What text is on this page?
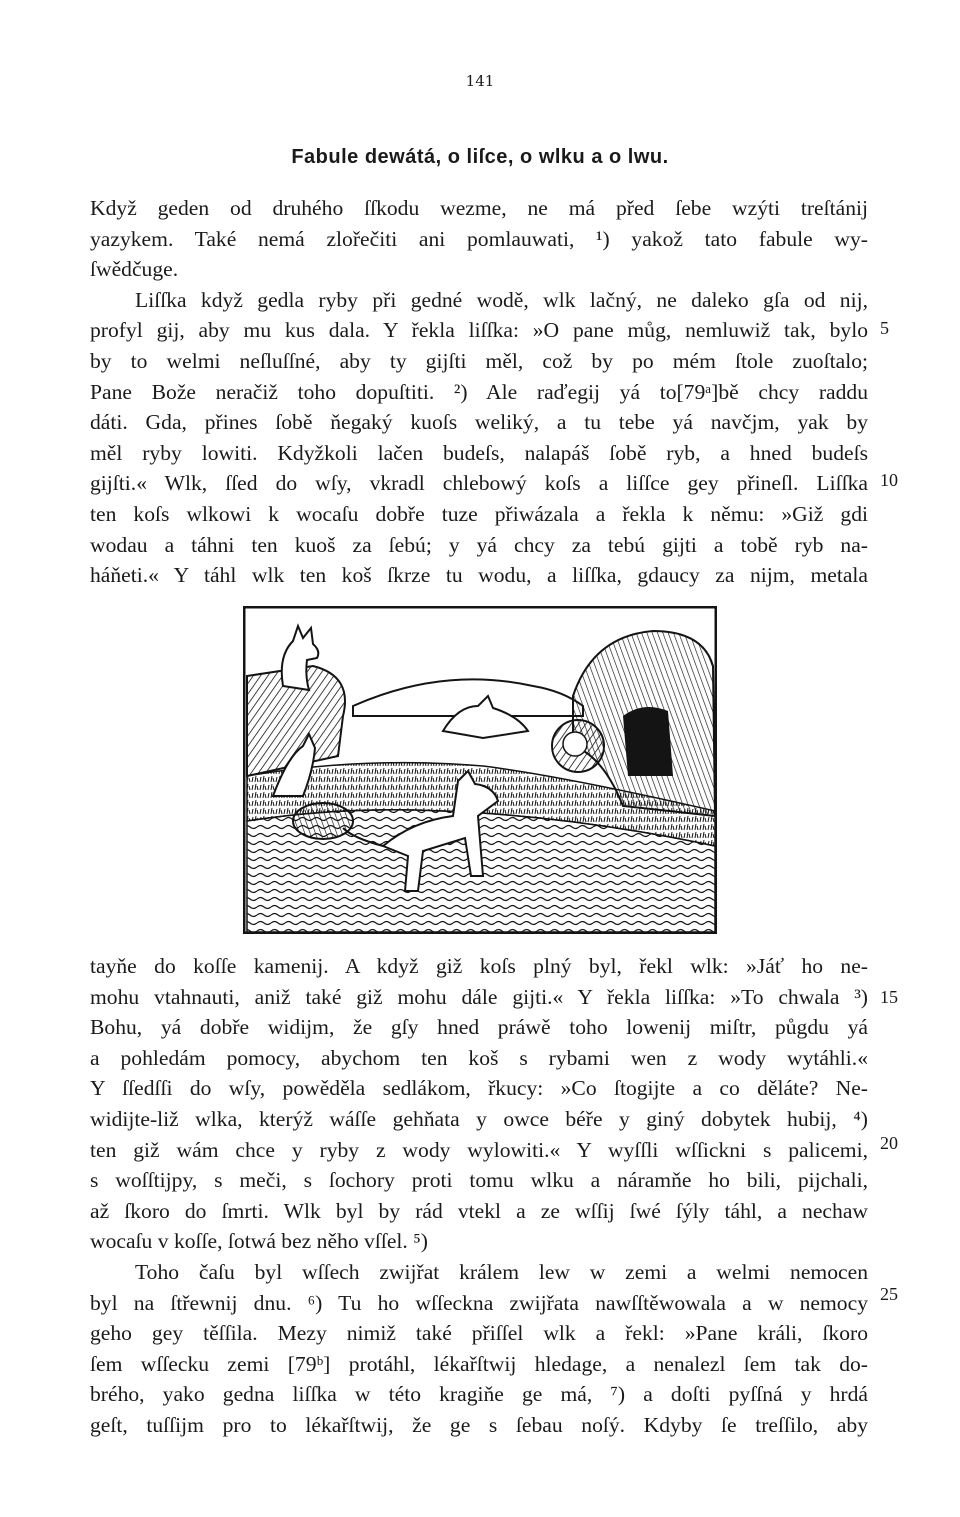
141
Fabule dewátá, o liſce, o wlku a o lwu.
Když geden od druhého ſſkodu wezme, ne má před ſebe wzýti treſtánij
yazykem. Také nemá zlořečiti ani pomlauwati, ¹) yakož tato fabule wy-
ſwědčuge.
Liſſka když gedla ryby při gedné wodě, wlk lačný, ne daleko gſa od nij,
profyl gij, aby mu kus dala. Y řekla liſſka: »O pane můg, nemluwiž tak, bylo
by to welmi neſluſſné, aby ty gijſti měl, což by po mém ſtole zuoſtalo;
Pane Bože neračiž toho dopuſtiti. ²) Ale raďegij yá to[79ᵃ]bě chcy raddu
dáti. Gda, přines ſobě ňegaký kuoſs weliký, a tu tebe yá navčjm, yak by
měl ryby lowiti. Kdyžkoli lačen budeſs, nalapáš ſobě ryb, a hned budeſs
gijſti.« Wlk, ſſed do wſy, vkradl chlebowý koſs a liſſce gey přineſl. Liſſka
ten koſs wlkowi k wocaſu dobře tuze přiwázala a řekla k němu: »Giž gdi
wodau a táhni ten kuoš za ſebú; y yá chcy za tebú gijti a tobě ryb na-
háňeti.« Y táhl wlk ten koš ſkrze tu wodu, a liſſka, gdaucy za nijm, metala
5
10
tayňe do koſſe kamenij. A když giž koſs plný byl, řekl wlk: »Jáť ho ne-
mohu vtahnauti, aniž také giž mohu dále gijti.« Y řekla liſſka: »To chwala ³)
Bohu, yá dobře widijm, že gſy hned práwě toho lowenij miſtr, půgdu yá
a pohledám pomocy, abychom ten koš s rybami wen z wody wytáhli.«
Y ſſedſſi do wſy, powěděla sedlákom, řkucy: »Co ſtogijte a co děláte? Ne-
widijte-liž wlka, kterýž wáſſe gehňata y owce béře y giný dobytek hubij, ⁴)
ten giž wám chce y ryby z wody wylowiti.« Y wyſſli wſſickni s palicemi,
s woſſtijpy, s meči, s ſochory proti tomu wlku a náramňe ho bili, pijchali,
až ſkoro do ſmrti. Wlk byl by rád vtekl a ze wſſij ſwé ſýly táhl, a nechaw
wocaſu v koſſe, ſotwá bez něho vſſel. ⁵)
Toho čaſu byl wſſech zwijřat králem lew w zemi a welmi nemocen
byl na ſtřewnij dnu. ⁶) Tu ho wſſeckna zwijřata nawſſtěwowala a w nemocy
geho gey těſſila. Mezy nimiž také přiſſel wlk a řekl: »Pane králi, ſkoro
ſem wſſecku zemi [79ᵇ] protáhl, lékařſtwij hledage, a nenalezl ſem tak do-
brého, yako gedna liſſka w této kragiňe ge má, ⁷) a doſti pyſſná y hrdá
geſt, tuſſijm pro to lékařſtwij, že ge s ſebau noſý. Kdyby ſe treſſilo, aby
15
20
25
